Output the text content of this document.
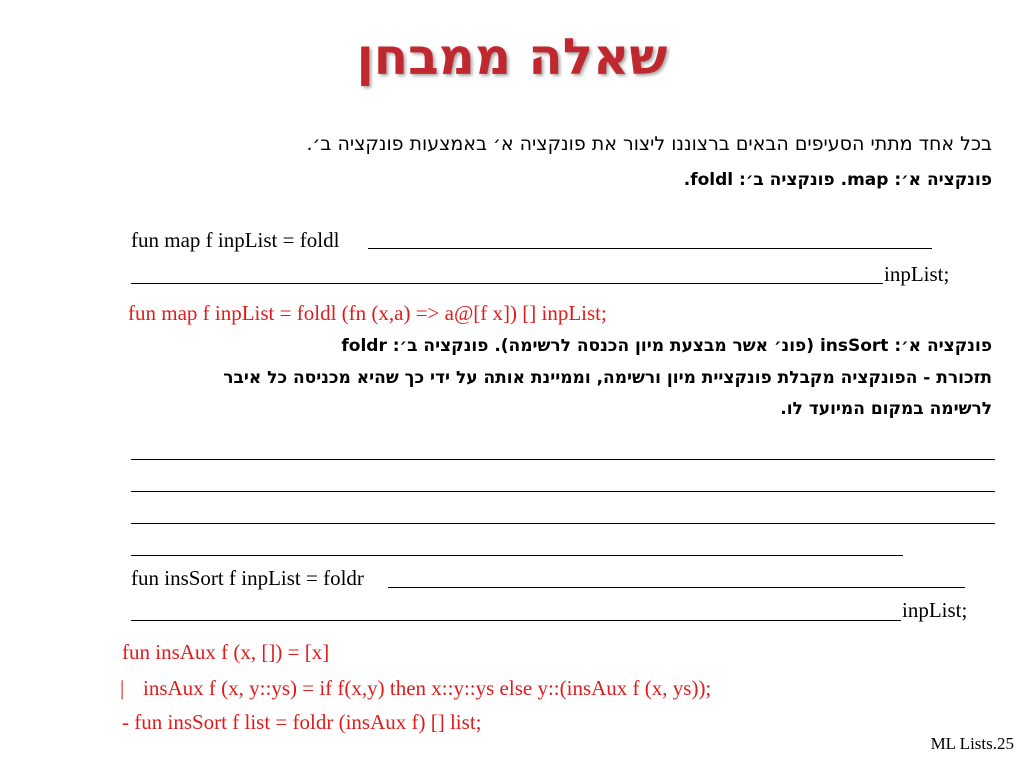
שאלה ממבחן
בכל אחד מתתי הסעיפים הבאים ברצוננו ליצור את פונקציה א׳ באמצעות פונקציה ב׳.
פונקציה א׳: map. פונקציה ב׳: foldl.
fun map f inpList = foldl
inpList;
fun map f inpList = foldl (fn (x,a) => a@[f x]) [] inpList;
פונקציה א׳: insSort (פונ׳ אשר מבצעת מיון הכנסה לרשימה). פונקציה ב׳: foldr
תזכורת - הפונקציה מקבלת פונקציית מיון ורשימה, וממיינת אותה על ידי כך שהיא מכניסה כל איבר
לרשימה במקום המיועד לו.
fun insSort f inpList = foldr
inpList;
fun insAux f (x, []) = [x]
| insAux f (x, y::ys) = if f(x,y) then x::y::ys else y::(insAux f (x, ys));
- fun insSort f list = foldr (insAux f) [] list;
ML Lists.25
